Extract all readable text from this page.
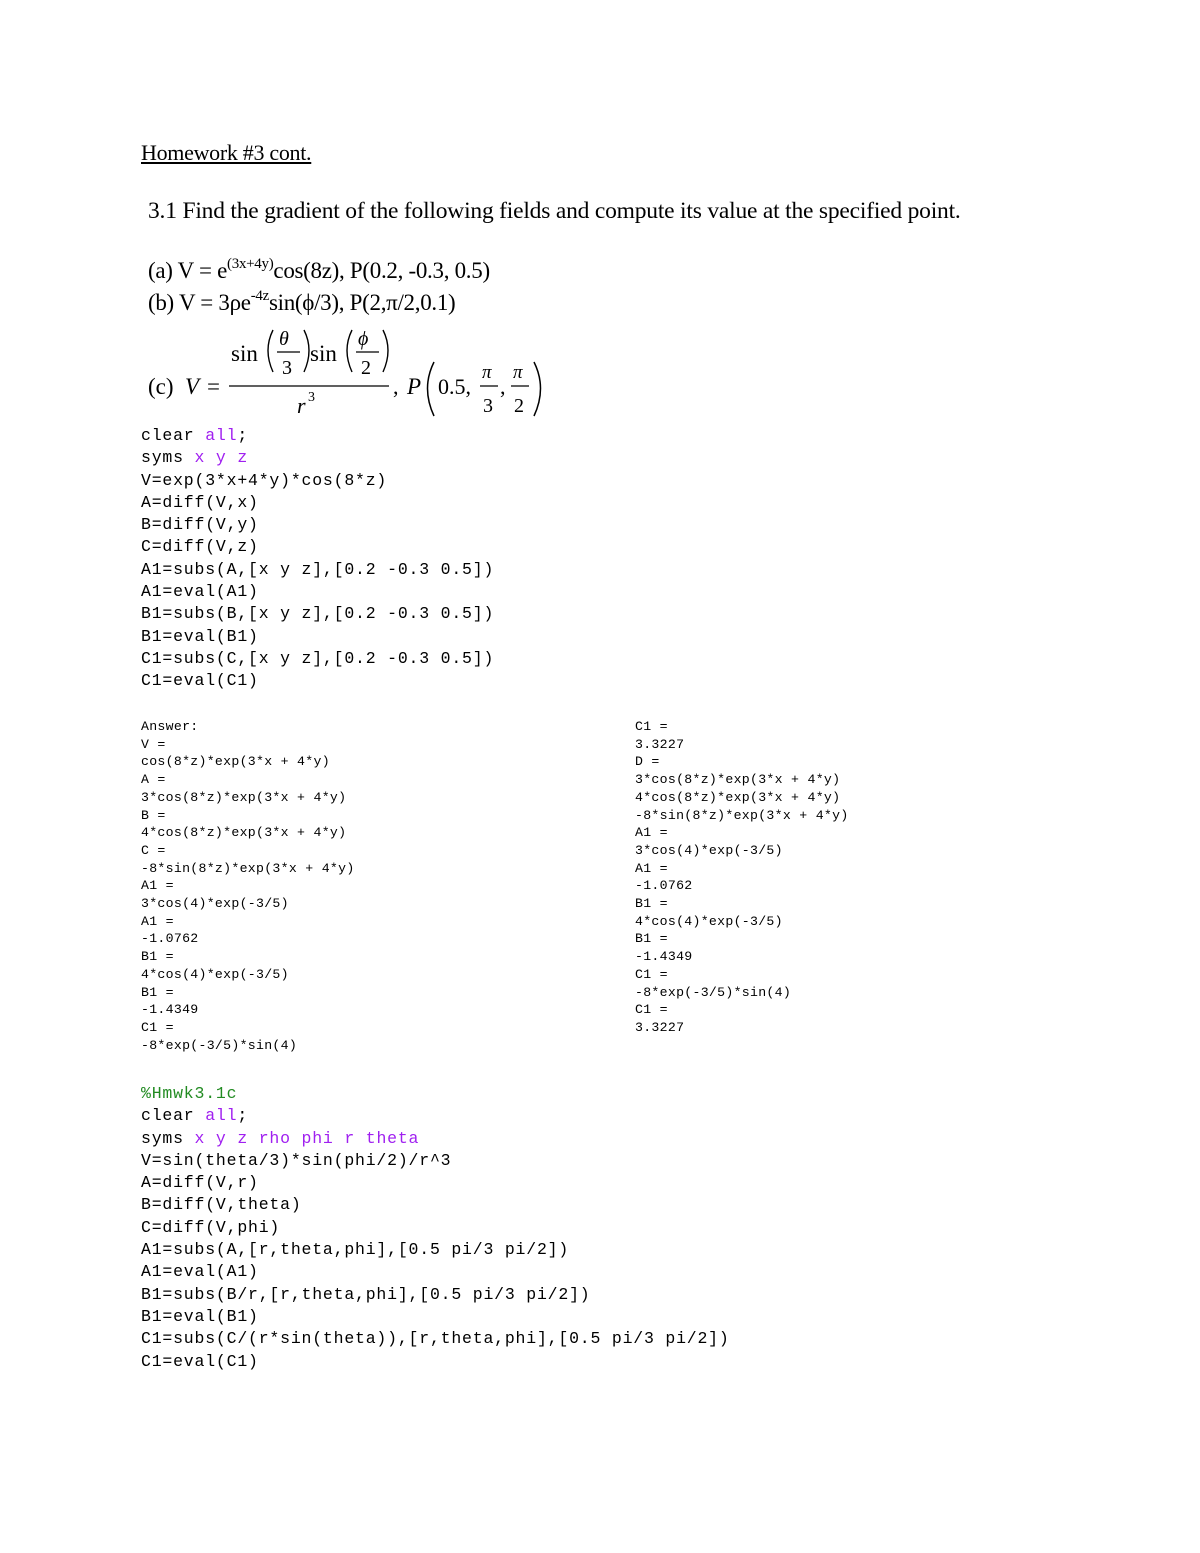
Homework #3 cont.
3.1 Find the gradient of the following fields and compute its value at the specified point.
(a) $V = e^{(3x+4y)}\cos(8z)$, P(0.2, -0.3, 0.5)
(b) $V = 3\rho e^{-4z}\sin(\phi/3)$, P(2,π/2,0.1)
(c) V =
sin
θ
3
sin
ϕ
2
r 3	, P 0.5,
π
3
,
π
2
clear all;
syms x y z
V=exp(3*x+4*y)*cos(8*z)
A=diff(V,x)
B=diff(V,y)
C=diff(V,z)
A1=subs(A,[x y z],[0.2 -0.3 0.5])
A1=eval(A1)
B1=subs(B,[x y z],[0.2 -0.3 0.5])
B1=eval(B1)
C1=subs(C,[x y z],[0.2 -0.3 0.5])
C1=eval(C1)
Answer:
V =
cos(8*z)*exp(3*x + 4*y)
A =
3*cos(8*z)*exp(3*x + 4*y)
B =
4*cos(8*z)*exp(3*x + 4*y)
C =
-8*sin(8*z)*exp(3*x + 4*y)
A1 =
3*cos(4)*exp(-3/5)
A1 =
-1.0762
B1 =
4*cos(4)*exp(-3/5)
B1 =
-1.4349
C1 =
-8*exp(-3/5)*sin(4)
C1 =
3.3227
D =
3*cos(8*z)*exp(3*x + 4*y)
4*cos(8*z)*exp(3*x + 4*y)
-8*sin(8*z)*exp(3*x + 4*y)
A1 =
3*cos(4)*exp(-3/5)
A1 =
-1.0762
B1 =
4*cos(4)*exp(-3/5)
B1 =
-1.4349
C1 =
-8*exp(-3/5)*sin(4)
C1 =
3.3227
%Hmwk3.1c
clear all;
syms x y z rho phi r theta
V=sin(theta/3)*sin(phi/2)/r^3
A=diff(V,r)
B=diff(V,theta)
C=diff(V,phi)
A1=subs(A,[r,theta,phi],[0.5 pi/3 pi/2])
A1=eval(A1)
B1=subs(B/r,[r,theta,phi],[0.5 pi/3 pi/2])
B1=eval(B1)
C1=subs(C/(r*sin(theta)),[r,theta,phi],[0.5 pi/3 pi/2])
C1=eval(C1)
